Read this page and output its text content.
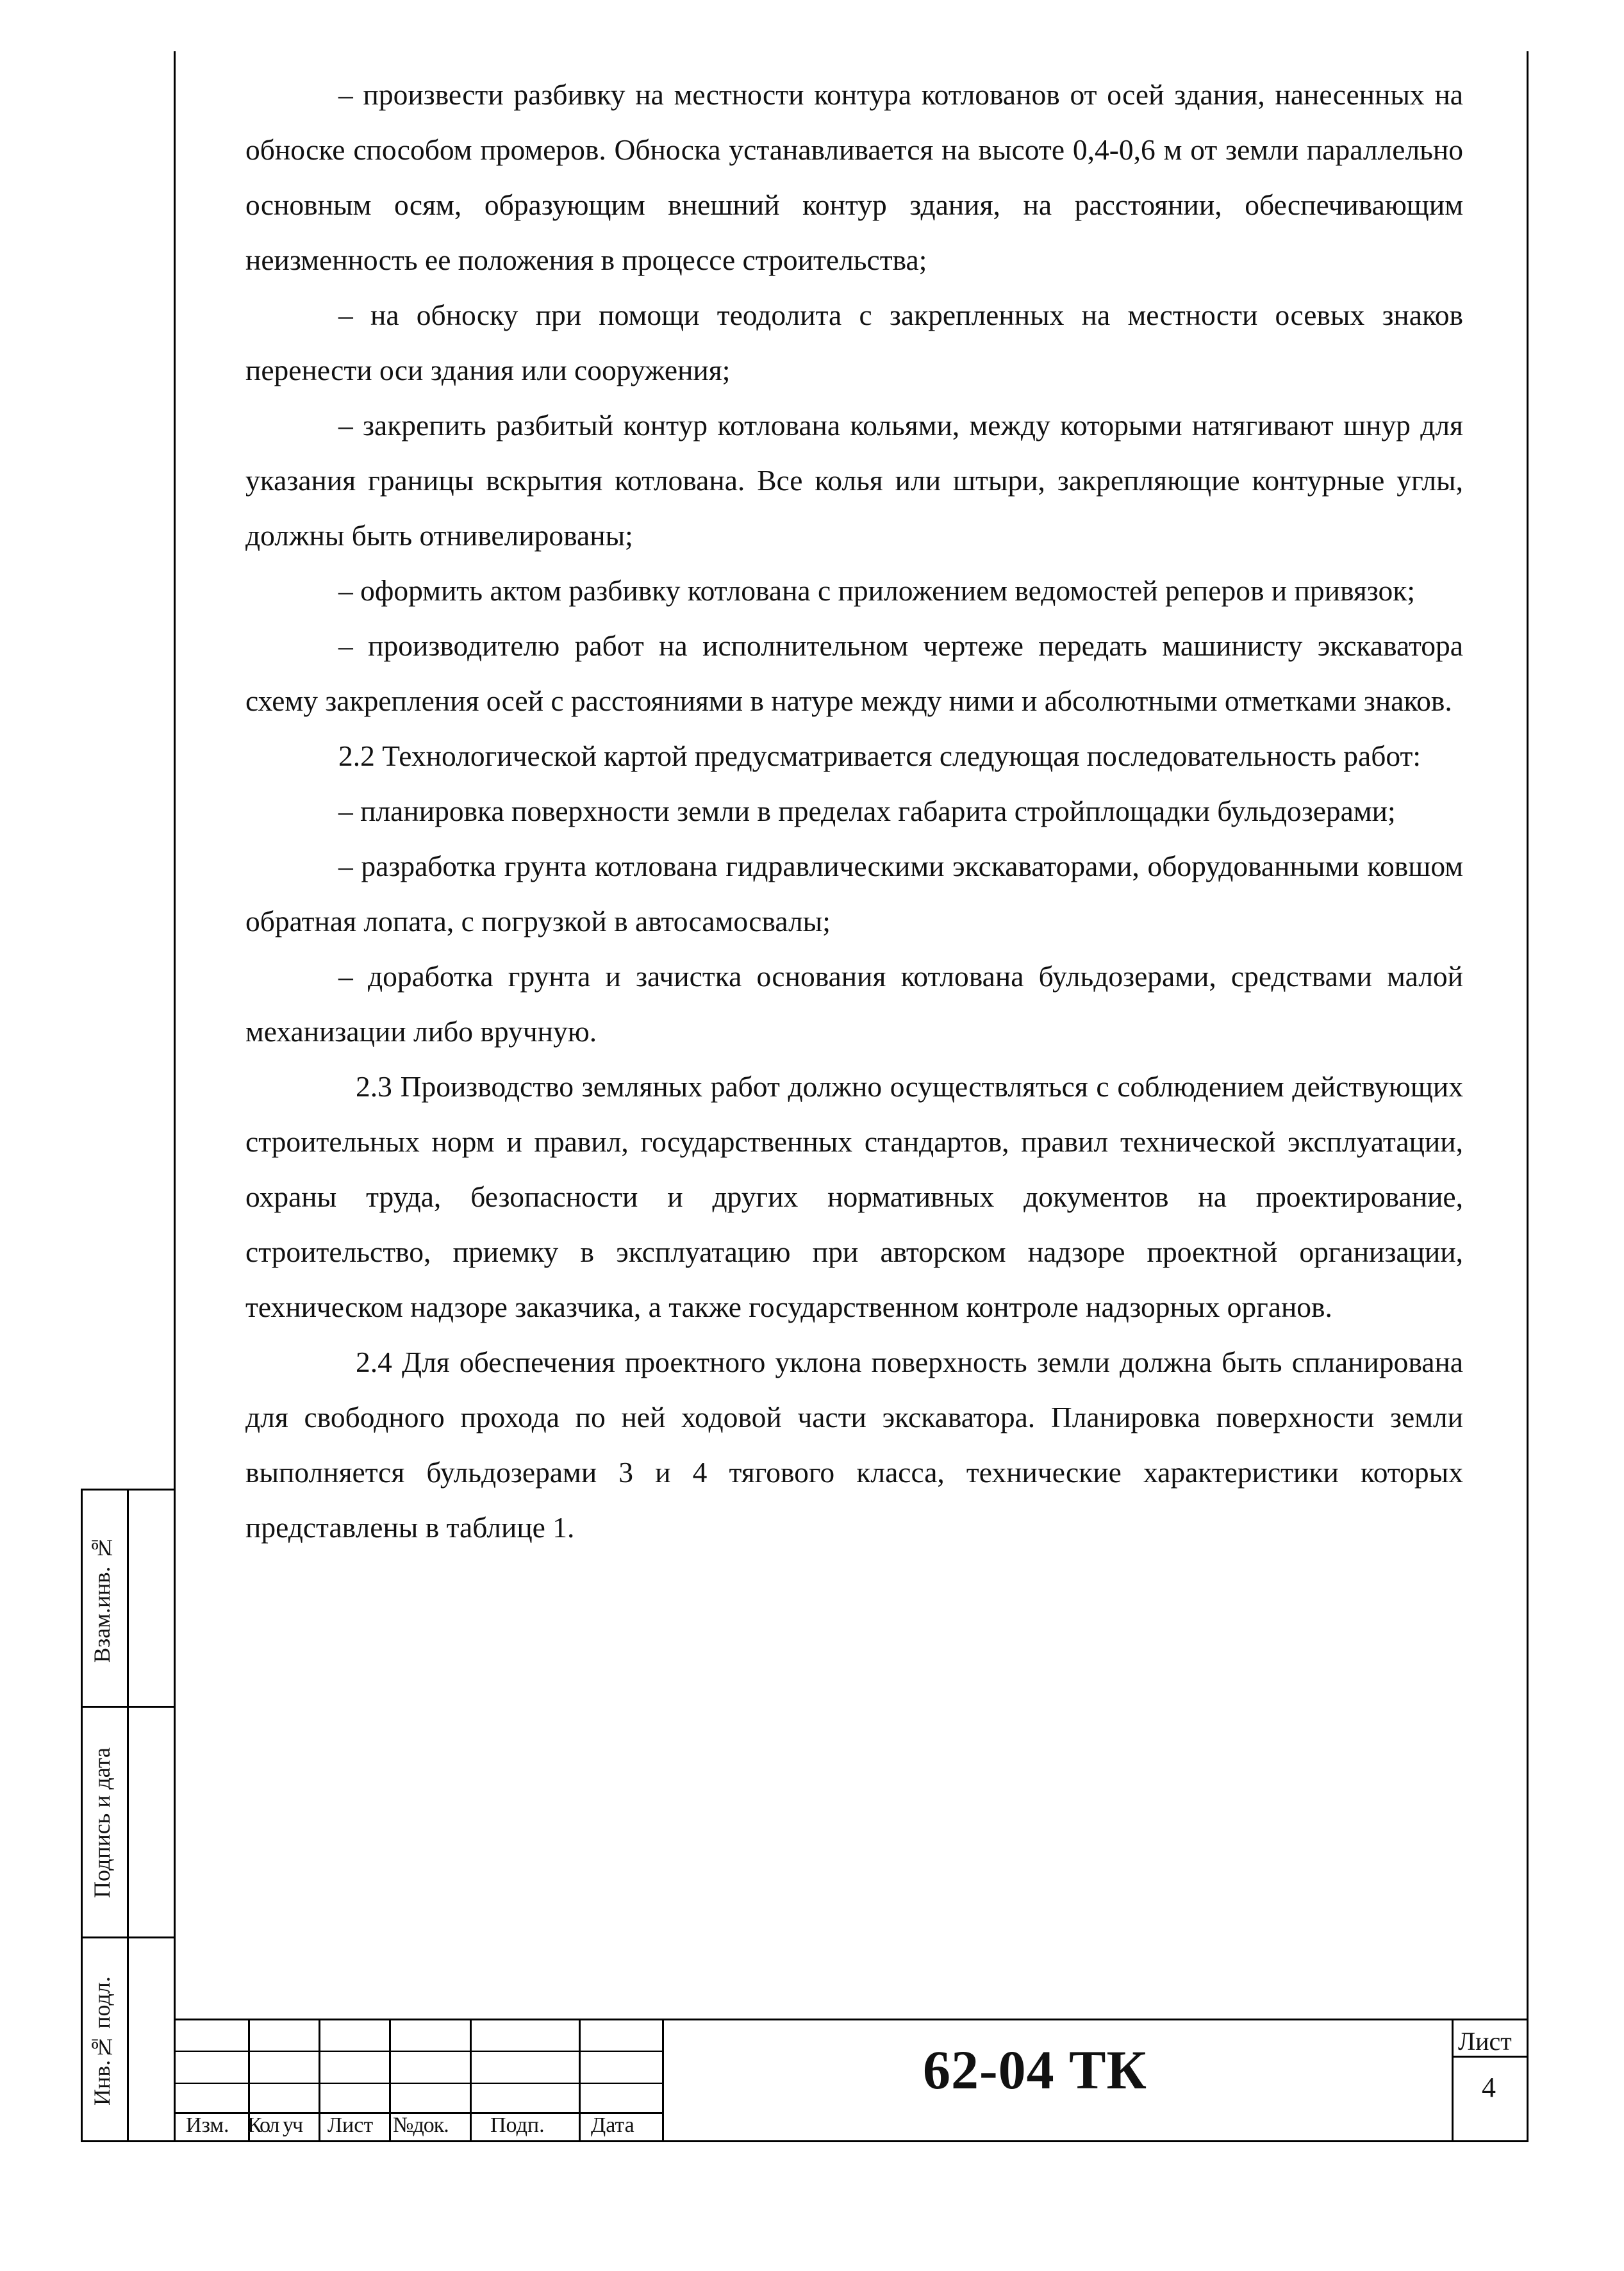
Взам.инв. №
Подпись и дата
Инв.№ подл.

– произвести разбивку на местности контура котлованов от осей здания, нанесенных на обноске способом промеров. Обноска устанавливается на высоте 0,4-0,6 м от земли параллельно основным осям, образующим внешний контур здания, на расстоянии, обеспечивающим неизменность ее положения в процессе строительства;

– на обноску при помощи теодолита с закрепленных на местности осевых знаков перенести оси здания или сооружения;

– закрепить разбитый контур котлована кольями, между которыми натягивают шнур для указания границы вскрытия котлована. Все колья или штыри, закрепляющие контурные углы, должны быть отнивелированы;

– оформить актом разбивку котлована с приложением ведомостей реперов и привязок;

– производителю работ на исполнительном чертеже передать машинисту экскаватора схему закрепления осей с расстояниями в натуре между ними и абсолютными отметками знаков.

2.2 Технологической картой предусматривается следующая последовательность работ:

– планировка поверхности земли в пределах габарита стройплощадки бульдозерами;

– разработка грунта котлована гидравлическими экскаваторами, оборудованными ковшом обратная лопата, с погрузкой в автосамосвалы;

– доработка грунта и зачистка основания котлована бульдозерами, средствами малой механизации либо вручную.

2.3 Производство земляных работ должно осуществляться с соблюдением действующих строительных норм и правил, государственных стандартов, правил технической эксплуатации, охраны труда, безопасности и других нормативных документов на проектирование, строительство, приемку в эксплуатацию при авторском надзоре проектной организации, техническом надзоре заказчика, а также государственном контроле надзорных органов.

2.4 Для обеспечения проектного уклона поверхность земли должна быть спланирована для свободного прохода по ней ходовой части экскаватора. Планировка поверхности земли выполняется бульдозерами 3 и 4 тягового класса, технические характеристики которых представлены в таблице 1.

Изм. Кол уч Лист №док. Подп. Дата
62-04 ТК	Лист
4
